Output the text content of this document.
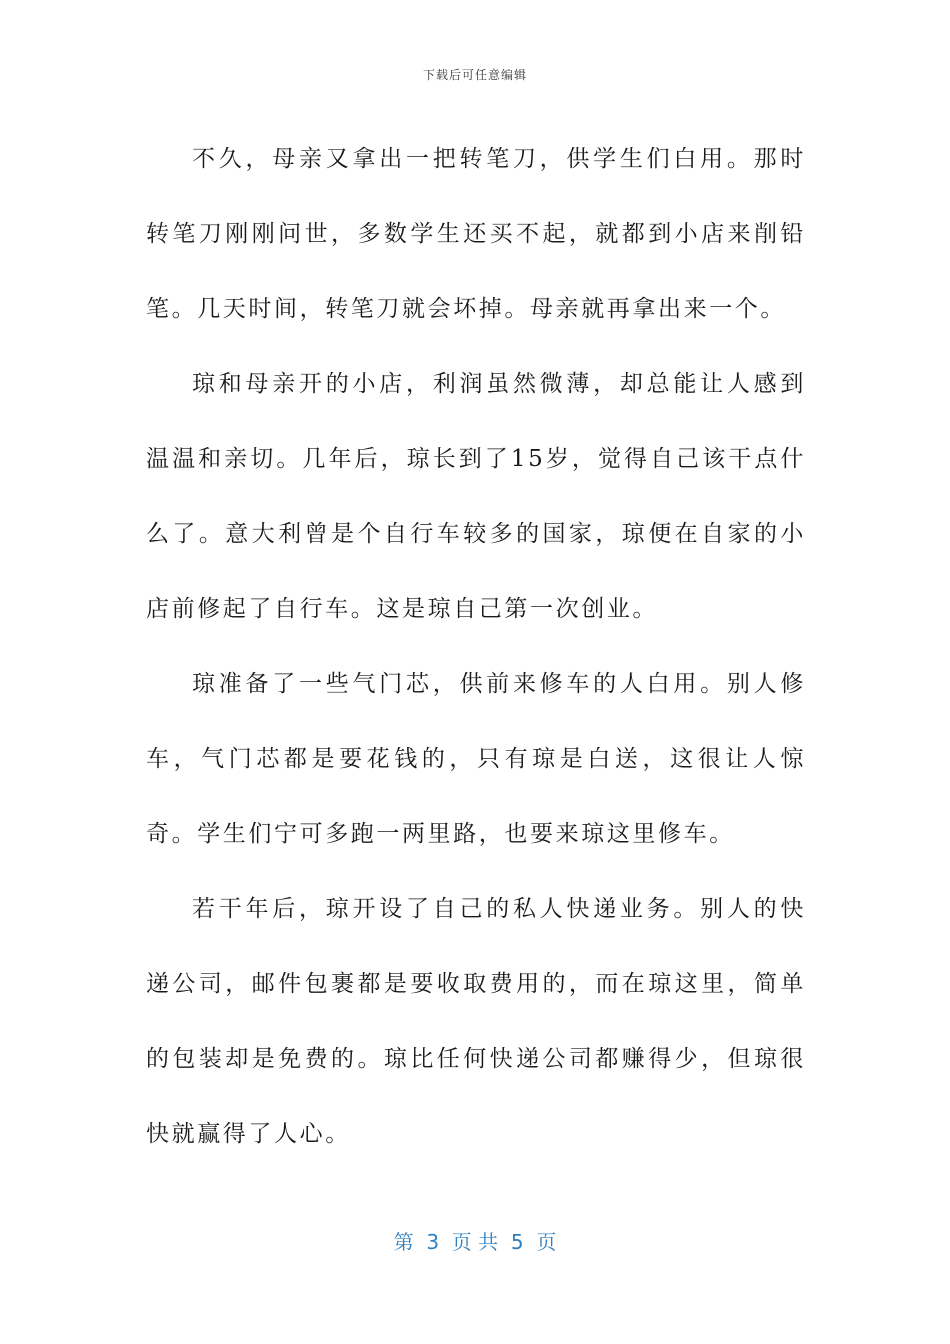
下载后可任意编辑

不久，母亲又拿出一把转笔刀，供学生们白用。那时转笔刀刚刚问世，多数学生还买不起，就都到小店来削铅笔。几天时间，转笔刀就会坏掉。母亲就再拿出来一个。

琼和母亲开的小店，利润虽然微薄，却总能让人感到温温和亲切。几年后，琼长到了15岁，觉得自己该干点什么了。意大利曾是个自行车较多的国家，琼便在自家的小店前修起了自行车。这是琼自己第一次创业。

琼准备了一些气门芯，供前来修车的人白用。别人修车，气门芯都是要花钱的，只有琼是白送，这很让人惊奇。学生们宁可多跑一两里路，也要来琼这里修车。

若干年后，琼开设了自己的私人快递业务。别人的快递公司，邮件包裹都是要收取费用的，而在琼这里，简单的包装却是免费的。琼比任何快递公司都赚得少，但琼很快就赢得了人心。

第  3  页 共  5  页
